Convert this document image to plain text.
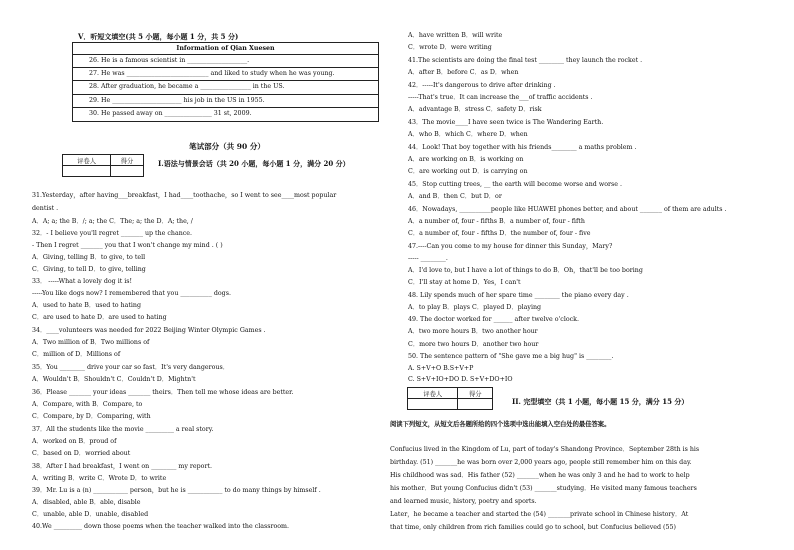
V．听短文填空(共 5 小题，每小题 1 分，共 5 分)
Information of Qian Xuesen
26. He is a famous scientist in ___________________.
27. He was __________________________ and liked to study when he was young.
28. After graduation, he became a ________________ in the US.
29. He ______________________ his job in the US in 1955.
30. He passed away on _______________ 31 st, 2009.
笔试部分（共 90 分）
评卷人	得分
		I.语法与情景会话（共 20 小题，每小题 1 分，满分 20 分）
31.Yesterday，after having___breakfast，I had____toothache，so I went to see____most popular
dentist .
A．A; a; the B．/; a; the C．The; a; the D．A; the, /
32．- I believe you'll regret _______ up the chance.
- Then I regret _______ you that I won't change my mind . ( )
A．Giving, telling B．to give, to tell
C．Giving, to tell D．to give, telling
33． -----What a lovely dog it is!
-----You like dogs now? I remembered that you __________ dogs.
A．used to hate B．used to hating
C．are used to hate D．are used to hating
34．____volunteers was needed for 2022 Beijing Winter Olympic Games .
A．Two million of B．Two millions of
C．million of D．Millions of
35．You ________ drive your car so fast．It's very dangerous．
A．Wouldn't B．Shouldn't C．Couldn't D．Mightn't
36．Please _______ your ideas _______ theirs．Then tell me whose ideas are better.
A．Compare, with B．Compare, to
C．Compare, by D．Comparing, with
37．All the students like the movie _________ a real story.
A．worked on B．proud of
C．based on D．worried about
38．After I had breakfast，I went on ________ my report.
A．writing B．write C．Wrote D．to write
39．Mr. Lu is a (n) ___________ person，but he is ___________ to do many things by himself .
A．disabled, able B．able, disable
C．unable, able D．unable, disabled
40.We _________ down those poems when the teacher walked into the classroom.
A．have written B．will write
C．wrote D．were writing
41.The scientists are doing the final test ________ they launch the rocket .
A．after B．before C．as D．when
42．-----It's dangerous to drive after drinking .
-----That's true．It can increase the___of traffic accidents .
A．advantage B．stress C．safety D．risk
43．The movie____I have seen twice is The Wandering Earth.
A．who B．which C．where D．when
44．Look! That boy together with his friends________ a maths problem .
A．are working on B．is working on
C．are working out D．is carrying on
45．Stop cutting trees, __ the earth will become worse and worse .
A．and B．then C．but D．or
46．Nowadays, __________people like HUAWEI phones better, and about _______ of them are adults .
A．a number of, four - fifths B．a number of, four - fifth
C．a number of, four - fifths D．the number of, four - five
47.----Can you come to my house for dinner this Sunday，Mary?
----- ________.
A．I'd love to, but I have a lot of things to do B．Oh，that'll be too boring
C．I'll stay at home D．Yes，I can't
48. Lily spends much of her spare time ________ the piano every day .
A．to play B．plays C．played D．playing
49. The doctor worked for ______ after twelve o'clock.
A．two more hours B．two another hour
C．more two hours D．another two hour
50. The sentence pattern of "She gave me a big hug" is ________.
A. S+V+O B.S+V+P
C. S+V+IO+DO D. S+V+DO+IO
评卷人	得分

II. 完型填空（共 1 小题，每小题 15 分，满分 15 分）
阅读下列短文，从短文后各题所给的四个选项中选出能填入空白处的最佳答案。
Confucius lived in the Kingdom of Lu, part of today's Shandong Province．September 28th is his
birthday. (51) _______he was born over 2,000 years ago, people still remember him on this day.
His childhood was sad．His father (52) _______when he was only 3 and he had to work to help
his mother．But young Confucius didn't (53) _______studying．He visited many famous teachers
and learned music, history, poetry and sports.
Later，he became a teacher and started the (54) _______private school in Chinese history．At
that time, only children from rich families could go to school, but Confucius believed (55)
